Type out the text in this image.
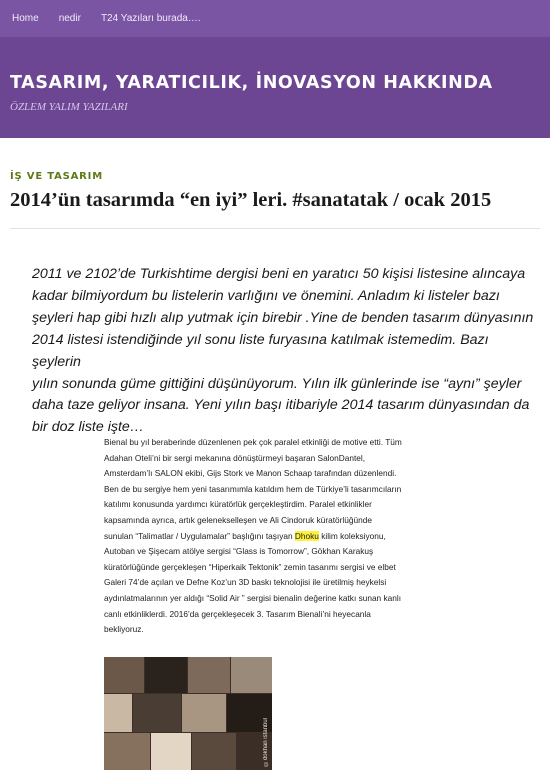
Home nedir T24 Yazıları burada….
TASARIM, YARATICILIK, İNOVASYON HAKKINDA
ÖZLEM YALIM YAZILARI
İŞ VE TASARIM
2014’ün tasarımda “en iyi” leri. #sanatatak / ocak 2015
2011 ve 2102’de Turkishtime dergisi beni en yaratıcı 50 kişisi listesine alıncaya
kadar bilmiyordum bu listelerin varlığını ve önemini. Anladım ki listeler bazı
şeyleri hap gibi hızlı alıp yutmak için birebir .Yine de benden tasarım dünyasının
2014 listesi istendiğinde yıl sonu liste furyasına katılmak istemedim. Bazı şeylerin
yılın sonunda güme gittiğini düşünüyorum. Yılın ilk günlerinde ise “aynı” şeyler
daha taze geliyor insana. Yeni yılın başı itibariyle 2014 tasarım dünyasından da
bir doz liste işte…
Bienal bu yıl beraberinde düzenlenen pek çok paralel etkinliği de motive etti. Tüm
Adahan Oteli’ni bir sergi mekanına dönüştürmeyi başaran SalonDantel,
Amsterdam’lı SALON ekibi, Gijs Stork ve Manon Schaap tarafından düzenlendi.
Ben de bu sergiye hem yeni tasarımımla katıldım hem de Türkiye’li tasarımcıların
katılımı konusunda yardımcı küratörlük gerçekleştirdim. Paralel etkinlikler
kapsamında ayrıca, artık gelenekselleşen ve Ali Cindoruk küratörlüğünde
sunulan “Talimatlar / Uygulamalar” başlığını taşıyan Dhoku kilim koleksiyonu,
Autoban ve Şişecam atölye sergisi “Glass is Tomorrow”, Gökhan Karakuş
küratörlüğünde gerçekleşen “Hiperkaik Tektonik” zemin tasarımı sergisi ve elbet
Galeri 74’de açılan ve Defne Koz’un 3D baskı teknolojisi ile üretilmiş heykelsi
aydınlatmalarının yer aldığı “Solid Air ” sergisi bienalin değerine katkı sunan kanlı
canlı etkinliklerdi. 2016’da gerçekleşecek 3. Tasarım Bienali’ni heyecanla
bekliyoruz.
©dokhan istanbul
